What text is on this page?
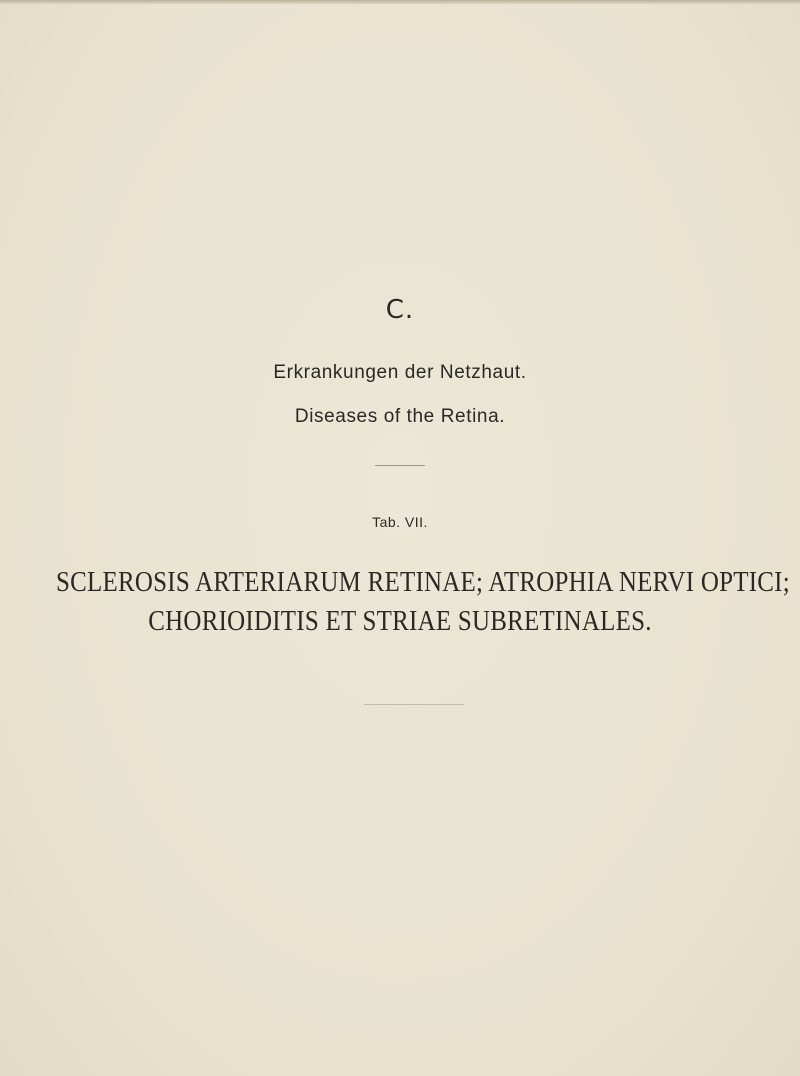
C.
Erkrankungen der Netzhaut.
Diseases of the Retina.
Tab. VII.
SCLEROSIS ARTERIARUM RETINAE; ATROPHIA NERVI OPTICI;
CHORIOIDITIS ET STRIAE SUBRETINALES.
